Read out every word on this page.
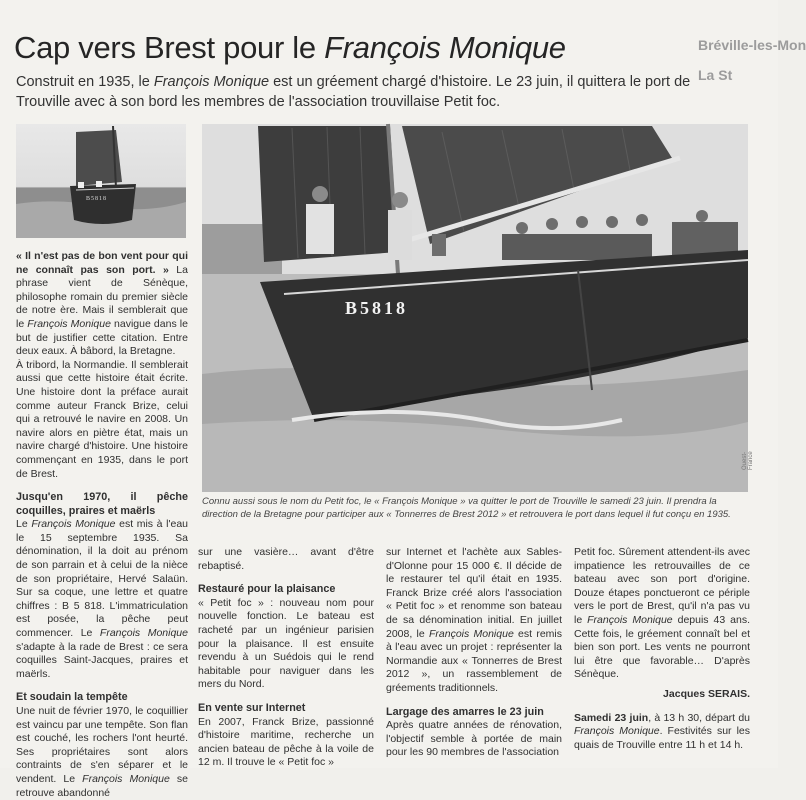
Bréville-les-Mon
La St
Cap vers Brest pour le François Monique
Construit en 1935, le François Monique est un gréement chargé d'histoire. Le 23 juin, il quittera le port de Trouville avec à son bord les membres de l'association trouvillaise Petit foc.
B5818
B5818
Ouest-France
Connu aussi sous le nom du Petit foc, le « François Monique » va quitter le port de Trouville le samedi 23 juin. Il prendra la direction de la Bretagne pour participer aux « Tonnerres de Brest 2012 » et retrouvera le port dans lequel il fut conçu en 1935.

« Il n'est pas de bon vent pour qui ne connaît pas son port. » La phrase vient de Sénèque, philosophe romain du premier siècle de notre ère. Mais il semblerait que le François Monique navigue dans le but de justifier cette citation. Entre deux eaux. À bâbord, la Bretagne.

À tribord, la Normandie. Il semblerait aussi que cette histoire était écrite. Une histoire dont la préface aurait comme auteur Franck Brize, celui qui a retrouvé le navire en 2008. Un navire alors en piètre état, mais un navire chargé d'histoire. Une histoire commençant en 1935, dans le port de Brest.

Jusqu'en 1970, il pêche coquilles, praires et maërls

Le François Monique est mis à l'eau le 15 septembre 1935. Sa dénomination, il la doit au prénom de son parrain et à celui de la nièce de son propriétaire, Hervé Salaün. Sur sa coque, une lettre et quatre chiffres : B 5 818. L'immatriculation est posée, la pêche peut commencer. Le François Monique s'adapte à la rade de Brest : ce sera coquilles Saint-Jacques, praires et maërls.

Et soudain la tempête

Une nuit de février 1970, le coquillier est vaincu par une tempête. Son flan est couché, les rochers l'ont heurté. Ses propriétaires sont alors contraints de s'en séparer et le vendent. Le François Monique se retrouve abandonné

sur une vasière… avant d'être rebaptisé.

Restauré pour la plaisance

« Petit foc » : nouveau nom pour nouvelle fonction. Le bateau est racheté par un ingénieur parisien pour la plaisance. Il est ensuite revendu à un Suédois qui le rend habitable pour naviguer dans les mers du Nord.

En vente sur Internet

En 2007, Franck Brize, passionné d'histoire maritime, recherche un ancien bateau de pêche à la voile de 12 m. Il trouve le « Petit foc »

sur Internet et l'achète aux Sables-d'Olonne pour 15 000 €. Il décide de le restaurer tel qu'il était en 1935. Franck Brize créé alors l'association « Petit foc » et renomme son bateau de sa dénomination initial. En juillet 2008, le François Monique est remis à l'eau avec un projet : représenter la Normandie aux « Tonnerres de Brest 2012 », un rassemblement de gréements traditionnels.

Largage des amarres le 23 juin

Après quatre années de rénovation, l'objectif semble à portée de main pour les 90 membres de l'association

Petit foc. Sûrement attendent-ils avec impatience les retrouvailles de ce bateau avec son port d'origine. Douze étapes ponctueront ce périple vers le port de Brest, qu'il n'a pas vu le François Monique depuis 43 ans. Cette fois, le gréement connaît bel et bien son port. Les vents ne pourront lui être que favorable… D'après Sénèque.

Jacques SERAIS.

Samedi 23 juin, à 13 h 30, départ du François Monique. Festivités sur les quais de Trouville entre 11 h et 14 h.
